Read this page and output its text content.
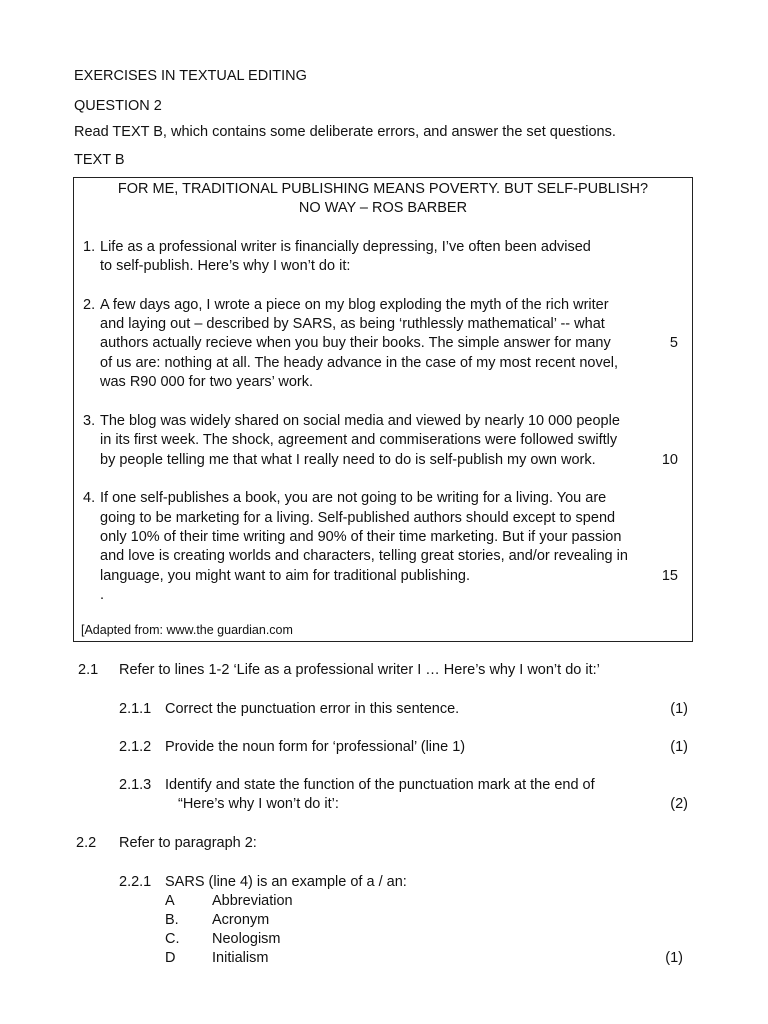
EXERCISES IN TEXTUAL EDITING
QUESTION 2
Read TEXT B, which contains some deliberate errors, and answer the set questions.
TEXT B
FOR ME, TRADITIONAL PUBLISHING MEANS POVERTY. BUT SELF-PUBLISH?
NO WAY – ROS BARBER
1. Life as a professional writer is financially depressing, I’ve often been advised
to self-publish. Here’s why I won’t do it:
2. A few days ago, I wrote a piece on my blog exploding the myth of the rich writer
and laying out – described by SARS, as being ‘ruthlessly mathematical’ -- what
authors actually recieve when you buy their books. The simple answer for many	5
of us are: nothing at all. The heady advance in the case of my most recent novel,
was R90 000 for two years’ work.
3. The blog was widely shared on social media and viewed by nearly 10 000 people
in its first week. The shock, agreement and commiserations were followed swiftly
by people telling me that what I really need to do is self-publish my own work.	10
4. If one self-publishes a book, you are not going to be writing for a living. You are
going to be marketing for a living. Self-published authors should except to spend
only 10% of their time writing and 90% of their time marketing. But if your passion
and love is creating worlds and characters, telling great stories, and/or revealing in
language, you might want to aim for traditional publishing.	15
.
[Adapted from: www.the guardian.com
2.1 Refer to lines 1-2 ‘Life as a professional writer I … Here’s why I won’t do it:’
2.1.1 Correct the punctuation error in this sentence.	(1)
2.1.2 Provide the noun form for ‘professional’ (line 1)	(1)
2.1.3 Identify and state the function of the punctuation mark at the end of
“Here’s why I won’t do it’:	(2)
2.2 Refer to paragraph 2:
2.2.1 SARS (line 4) is an example of a / an:
A	Abbreviation
B. Acronym
C. Neologism
D	Initialism	(1)
